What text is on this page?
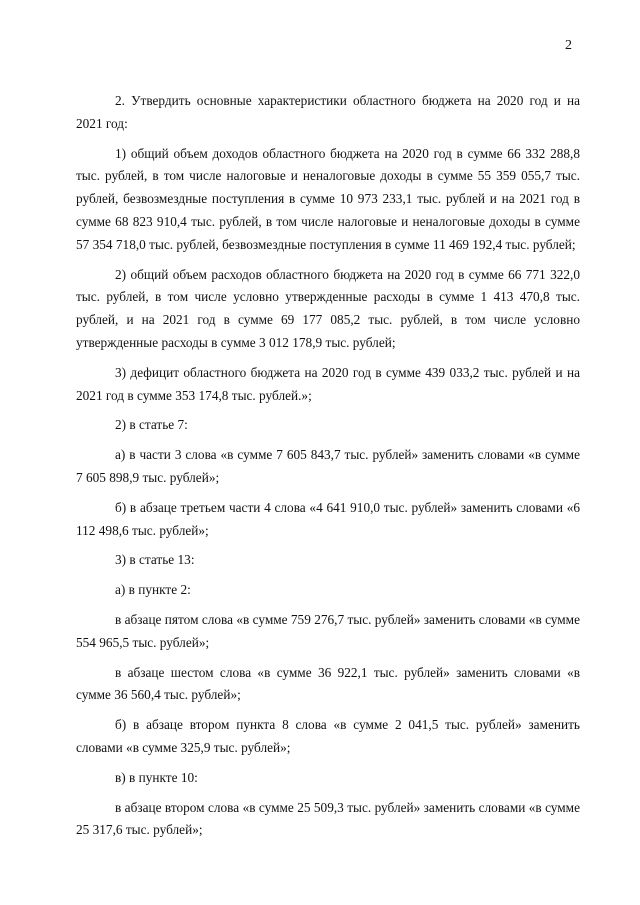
2

2. Утвердить основные характеристики областного бюджета на 2020 год и на 2021 год:

1) общий объем доходов областного бюджета на 2020 год в сумме 66 332 288,8 тыс. рублей, в том числе налоговые и неналоговые доходы в сумме 55 359 055,7 тыс. рублей, безвозмездные поступления в сумме 10 973 233,1 тыс. рублей и на 2021 год в сумме 68 823 910,4 тыс. рублей, в том числе налоговые и неналоговые доходы в сумме 57 354 718,0 тыс. рублей, безвозмездные поступления в сумме 11 469 192,4 тыс. рублей;

2) общий объем расходов областного бюджета на 2020 год в сумме 66 771 322,0 тыс. рублей, в том числе условно утвержденные расходы в сумме 1 413 470,8 тыс. рублей, и на 2021 год в сумме 69 177 085,2 тыс. рублей, в том числе условно утвержденные расходы в сумме 3 012 178,9 тыс. рублей;

3) дефицит областного бюджета на 2020 год в сумме 439 033,2 тыс. рублей и на 2021 год в сумме 353 174,8 тыс. рублей.»;

2) в статье 7:

а) в части 3 слова «в сумме 7 605 843,7 тыс. рублей» заменить словами «в сумме 7 605 898,9 тыс. рублей»;

б) в абзаце третьем части 4 слова «4 641 910,0 тыс. рублей» заменить словами «6 112 498,6 тыс. рублей»;

3) в статье 13:

а) в пункте 2:

в абзаце пятом слова «в сумме 759 276,7 тыс. рублей» заменить словами «в сумме 554 965,5 тыс. рублей»;

в абзаце шестом слова «в сумме 36 922,1 тыс. рублей» заменить словами «в сумме 36 560,4 тыс. рублей»;

б) в абзаце втором пункта 8 слова «в сумме 2 041,5 тыс. рублей» заменить словами «в сумме 325,9 тыс. рублей»;

в) в пункте 10:

в абзаце втором слова «в сумме 25 509,3 тыс. рублей» заменить словами «в сумме 25 317,6 тыс. рублей»;
